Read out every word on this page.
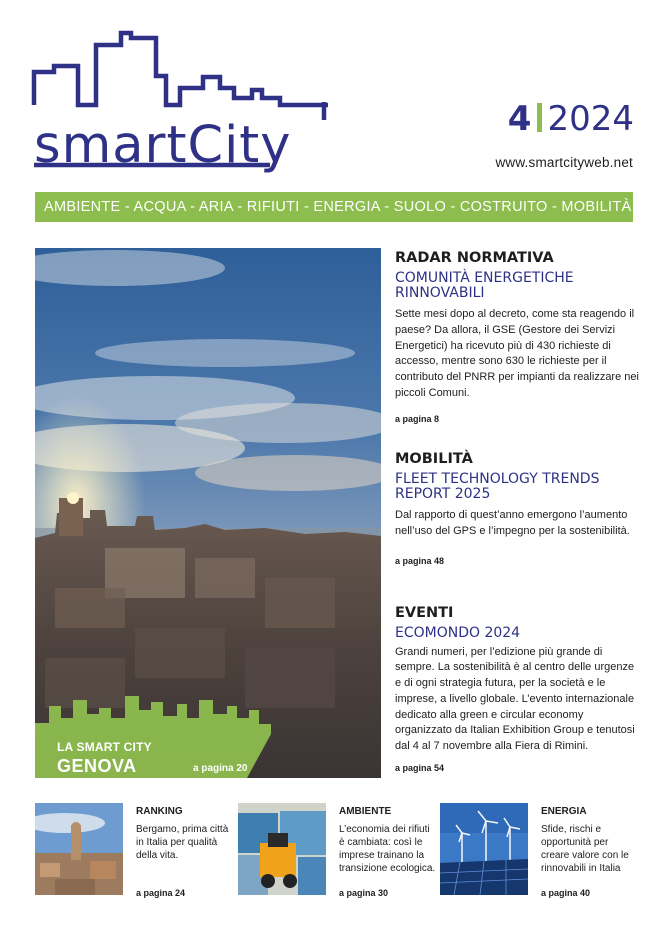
smartCity	4 2024
www.smartcityweb.net
AMBIENTE - ACQUA - ARIA - RIFIUTI - ENERGIA - SUOLO - COSTRUITO - MOBILITÀ
LA SMART CITY
GENOVA	a pagina 20
RADAR NORMATIVA
COMUNITÀ ENERGETICHE RINNOVABILI
Sette mesi dopo al decreto, come sta reagendo il paese? Da allora, il GSE (Gestore dei Servizi Energetici) ha ricevuto più di 430 richieste di accesso, mentre sono 630 le richieste per il contributo del PNRR per impianti da realizzare nei piccoli Comuni.
a pagina 8
MOBILITÀ
FLEET TECHNOLOGY TRENDS REPORT 2025
Dal rapporto di quest’anno emergono l’aumento nell’uso del GPS e l’impegno per la sostenibilità.
a pagina 48
EVENTI
ECOMONDO 2024
Grandi numeri, per l’edizione più grande di sempre. La sostenibilità è al centro delle urgenze e di ogni strategia futura, per la società e le imprese, a livello globale. L’evento internazionale dedicato alla green e circular economy organizzato da Italian Exhibition Group e tenutosi dal 4 al 7 novembre alla Fiera di Rimini.
a pagina 54
RANKING
Bergamo, prima città in Italia per qualità della vita.
a pagina 24
AMBIENTE
L’economia dei rifiuti è cambiata: così le imprese trainano la transizione ecologica.
a pagina 30
ENERGIA
Sfide, rischi e opportunità per creare valore con le rinnovabili in Italia
a pagina 40
